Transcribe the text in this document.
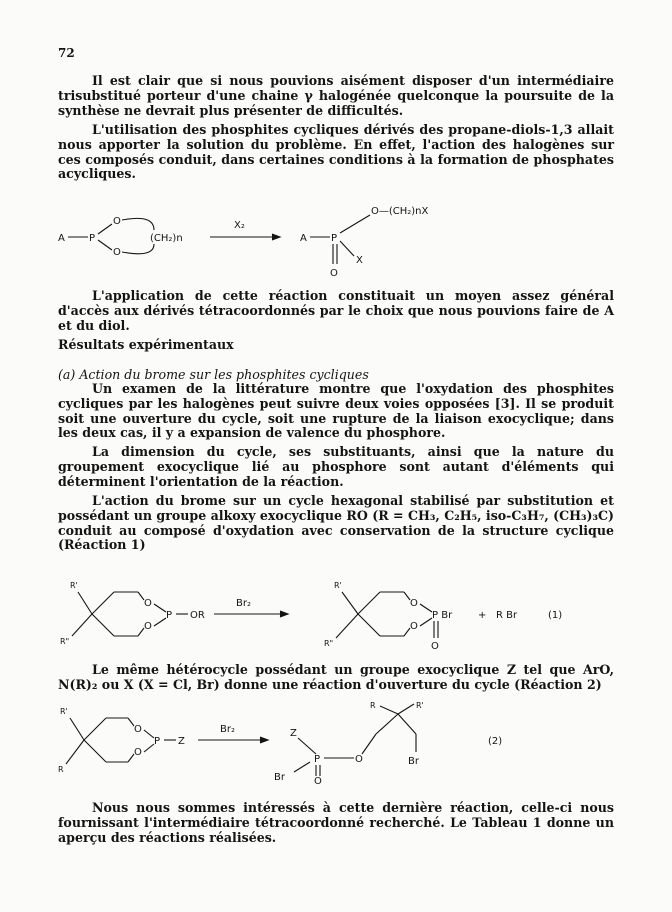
72

Il est clair que si nous pouvions aisément disposer d'un intermédiaire trisubstitué porteur d'une chaine γ halogénée quelconque la poursuite de la synthèse ne devrait plus présenter de difficultés.

L'utilisation des phosphites cycliques dérivés des propane-diols-1,3 allait nous apporter la solution du problème. En effet, l'action des halogènes sur ces composés conduit, dans certaines conditions à la formation de phosphates acycliques.

A P
O
O
(CH₂)n
X₂
A P
O—(CH₂)nX
X
O

L'application de cette réaction constituait un moyen assez général d'accès aux dérivés tétracoordonnés par le choix que nous pouvions faire de A et du diol.

Résultats expérimentaux

(a) Action du brome sur les phosphites cycliques

Un examen de la littérature montre que l'oxydation des phosphites cycliques par les halogènes peut suivre deux voies opposées [3]. Il se produit soit une ouverture du cycle, soit une rupture de la liaison exocyclique; dans les deux cas, il y a expansion de valence du phosphore.

La dimension du cycle, ses substituants, ainsi que la nature du groupement exocyclique lié au phosphore sont autant d'éléments qui déterminent l'orientation de la réaction.

L'action du brome sur un cycle hexagonal stabilisé par substitution et possédant un groupe alkoxy exocyclique RO (R = CH₃, C₂H₅, iso-C₃H₇, (CH₃)₃C) conduit au composé d'oxydation avec conservation de la structure cyclique (Réaction 1)

R'
R"
O
O
P OR
Br₂
R'
R"
O
O
P Br
O
+ R Br	(1)

Le même hétérocycle possédant un groupe exocyclique Z tel que ArO, N(R)₂ ou X (X = Cl, Br) donne une réaction d'ouverture du cycle (Réaction 2)

R'
R
O
O
P Z
Br₂	Z
P
Br	O
O
R'
R
Br
(2)

Nous nous sommes intéressés à cette dernière réaction, celle-ci nous fournissant l'intermédiaire tétracoordonné recherché. Le Tableau 1 donne un aperçu des réactions réalisées.
